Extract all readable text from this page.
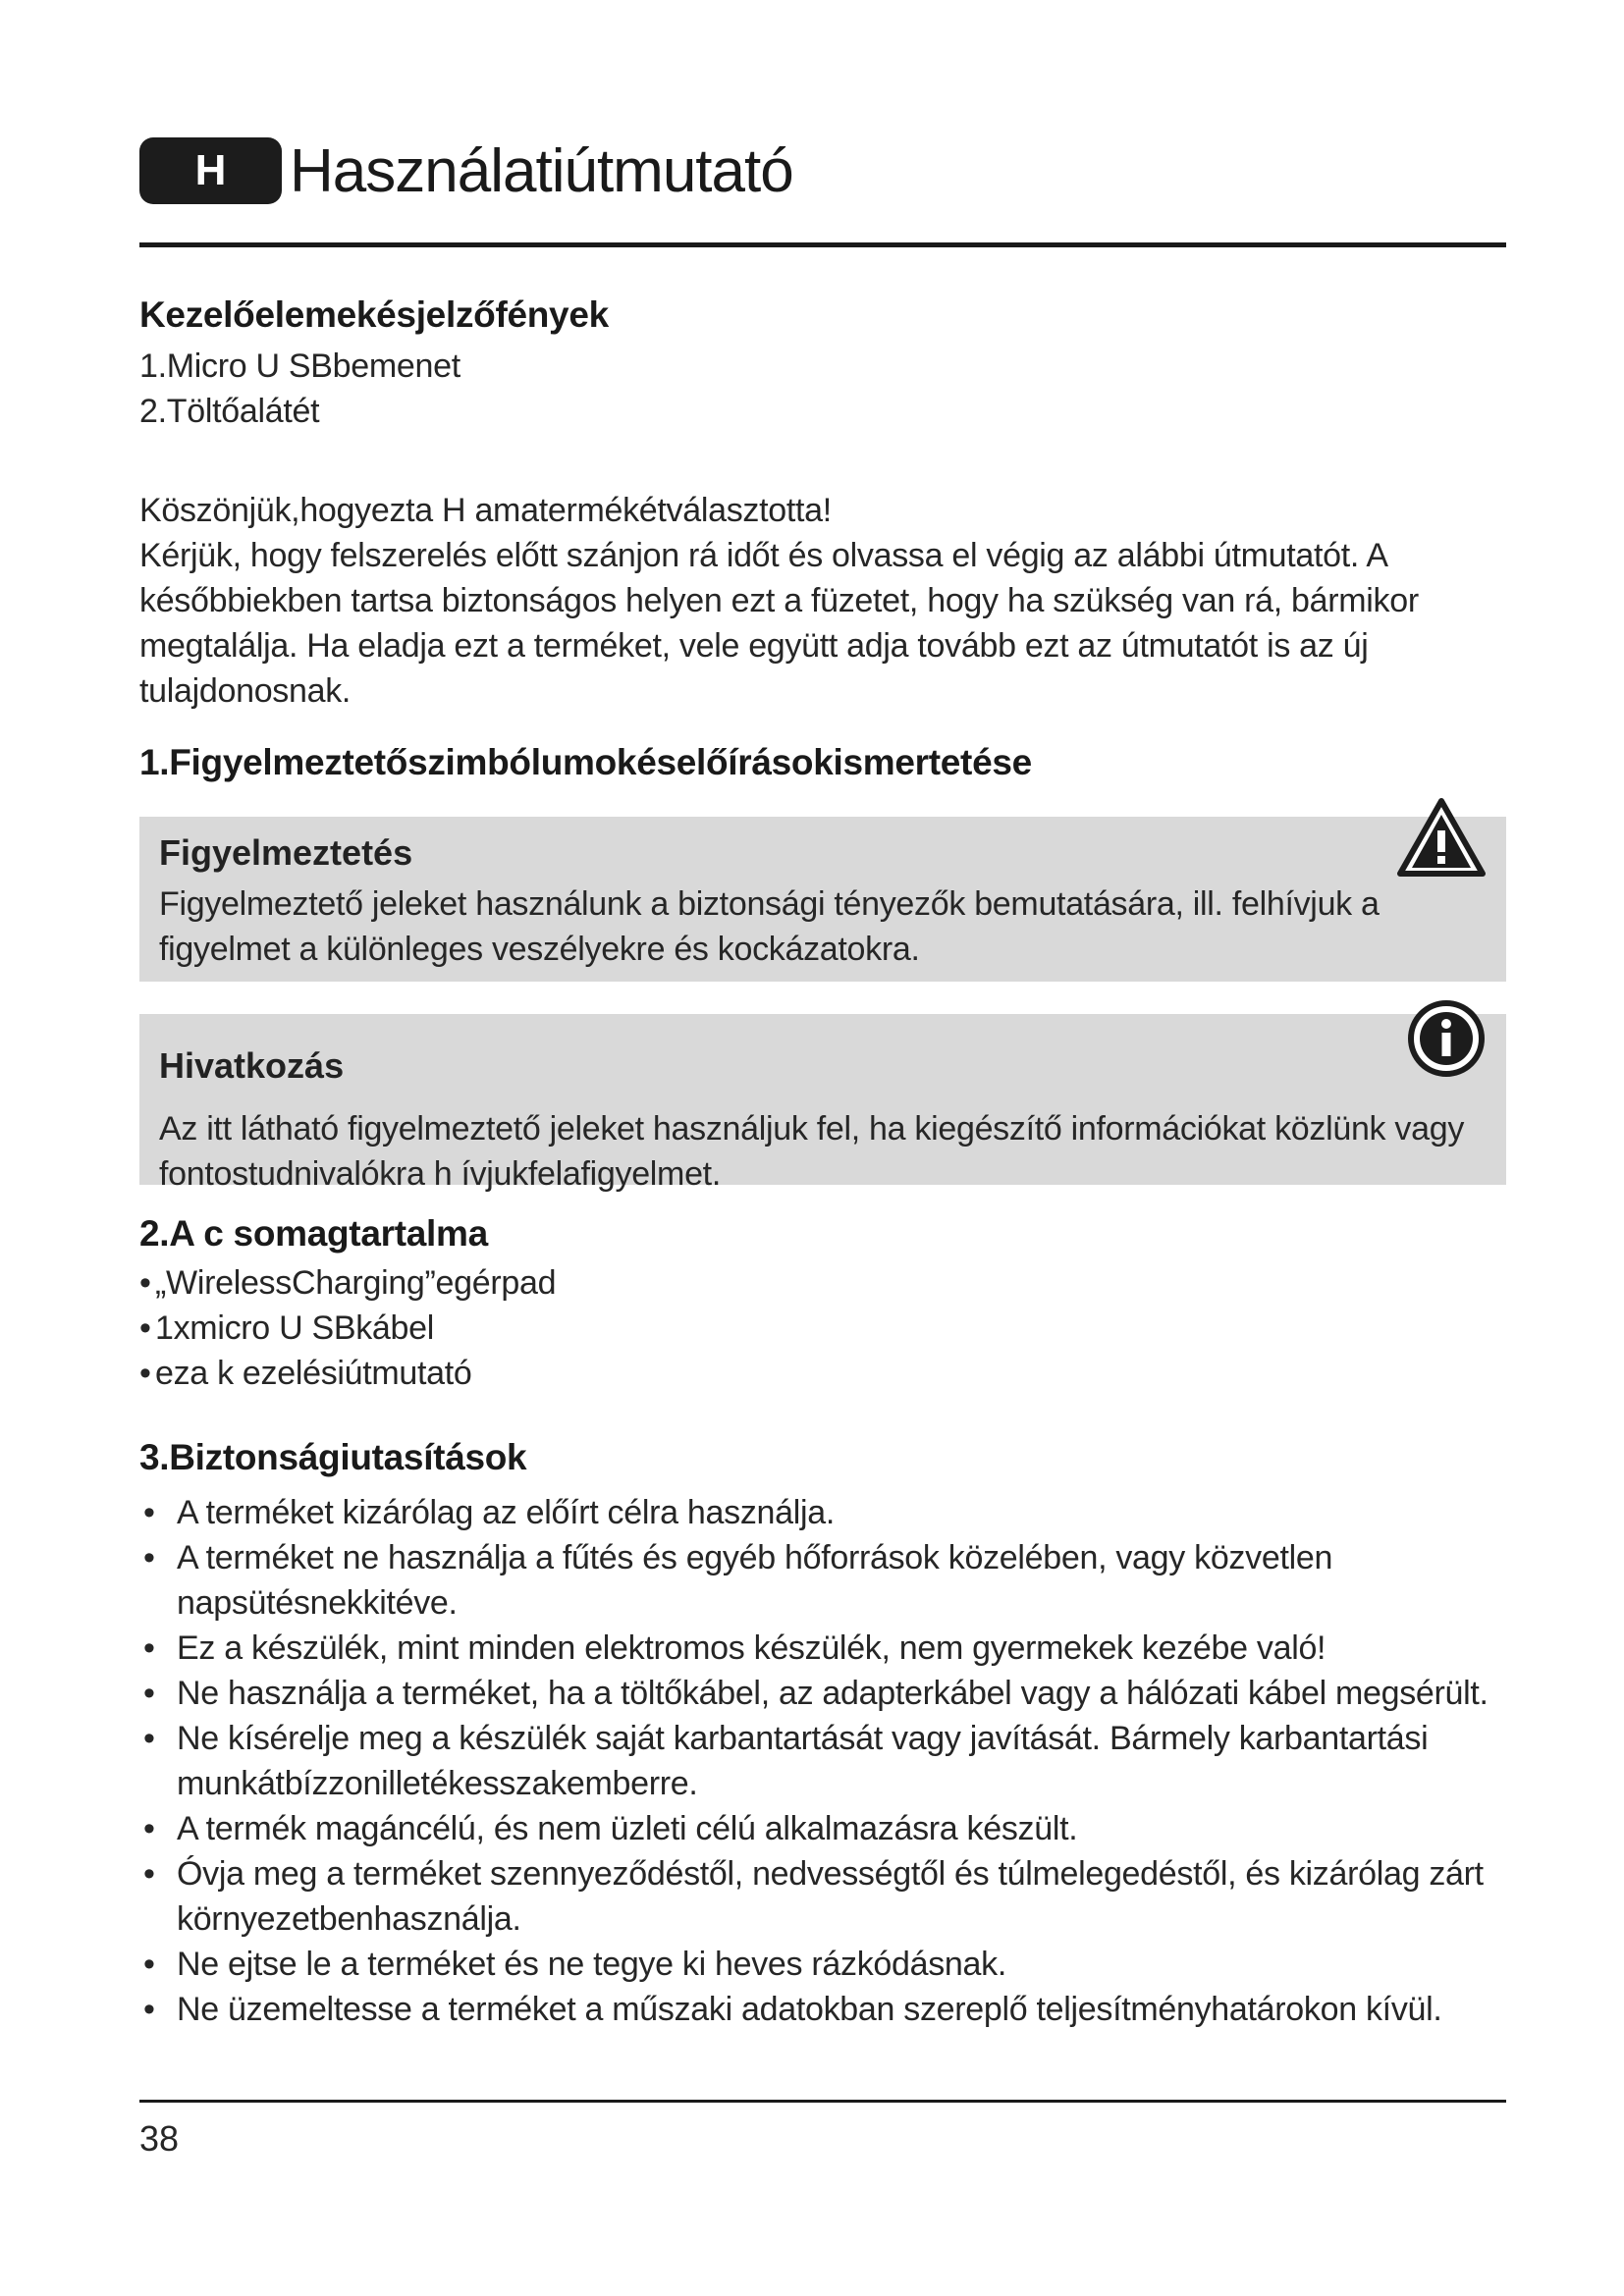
H	Használatiútmutató
Kezelőelemekésjelzőfények
1.Micro U SBbemenet
2.Töltőalátét
Köszönjük,hogyezta H amatermékétválasztotta!

Kérjük, hogy felszerelés előtt szánjon rá időt és olvassa el végig az alábbi útmutatót. A későbbiekben tartsa biztonságos helyen ezt a füzetet, hogy ha szükség van rá, bármikor megtalálja. Ha eladja ezt a terméket, vele együtt adja tovább ezt az útmutatót is az új tulajdonosnak.

1.Figyelmeztetőszimbólumokéselőírásokismertetése
Figyelmeztetés
Figyelmeztető jeleket használunk a biztonsági tényezők bemutatására, ill. felhívjuk a figyelmet a különleges veszélyekre és kockázatokra.
Hivatkozás
Az itt látható figyelmeztető jeleket használjuk fel, ha kiegészítő információkat közlünk vagy fontostudnivalókra h ívjukfelafigyelmet.
2.A c somagtartalma
• „WirelessCharging”egérpad
• 1xmicro U SBkábel
• eza k ezelésiútmutató
3.Biztonságiutasítások
• A terméket kizárólag az előírt célra használja.
• A terméket ne használja a fűtés és egyéb hőforrások közelében, vagy közvetlen napsütésnekkitéve.
• Ez a készülék, mint minden elektromos készülék, nem gyermekek kezébe való!
• Ne használja a terméket, ha a töltőkábel, az adapterkábel vagy a hálózati kábel megsérült.
• Ne kísérelje meg a készülék saját karbantartását vagy javítását. Bármely karbantartási munkátbízzonilletékesszakemberre.
• A termék magáncélú, és nem üzleti célú alkalmazásra készült.
• Óvja meg a terméket szennyeződéstől, nedvességtől és túlmelegedéstől, és kizárólag zárt környezetbenhasználja.
• Ne ejtse le a terméket és ne tegye ki heves rázkódásnak.
• Ne üzemeltesse a terméket a műszaki adatokban szereplő teljesítményhatárokon kívül.
38
